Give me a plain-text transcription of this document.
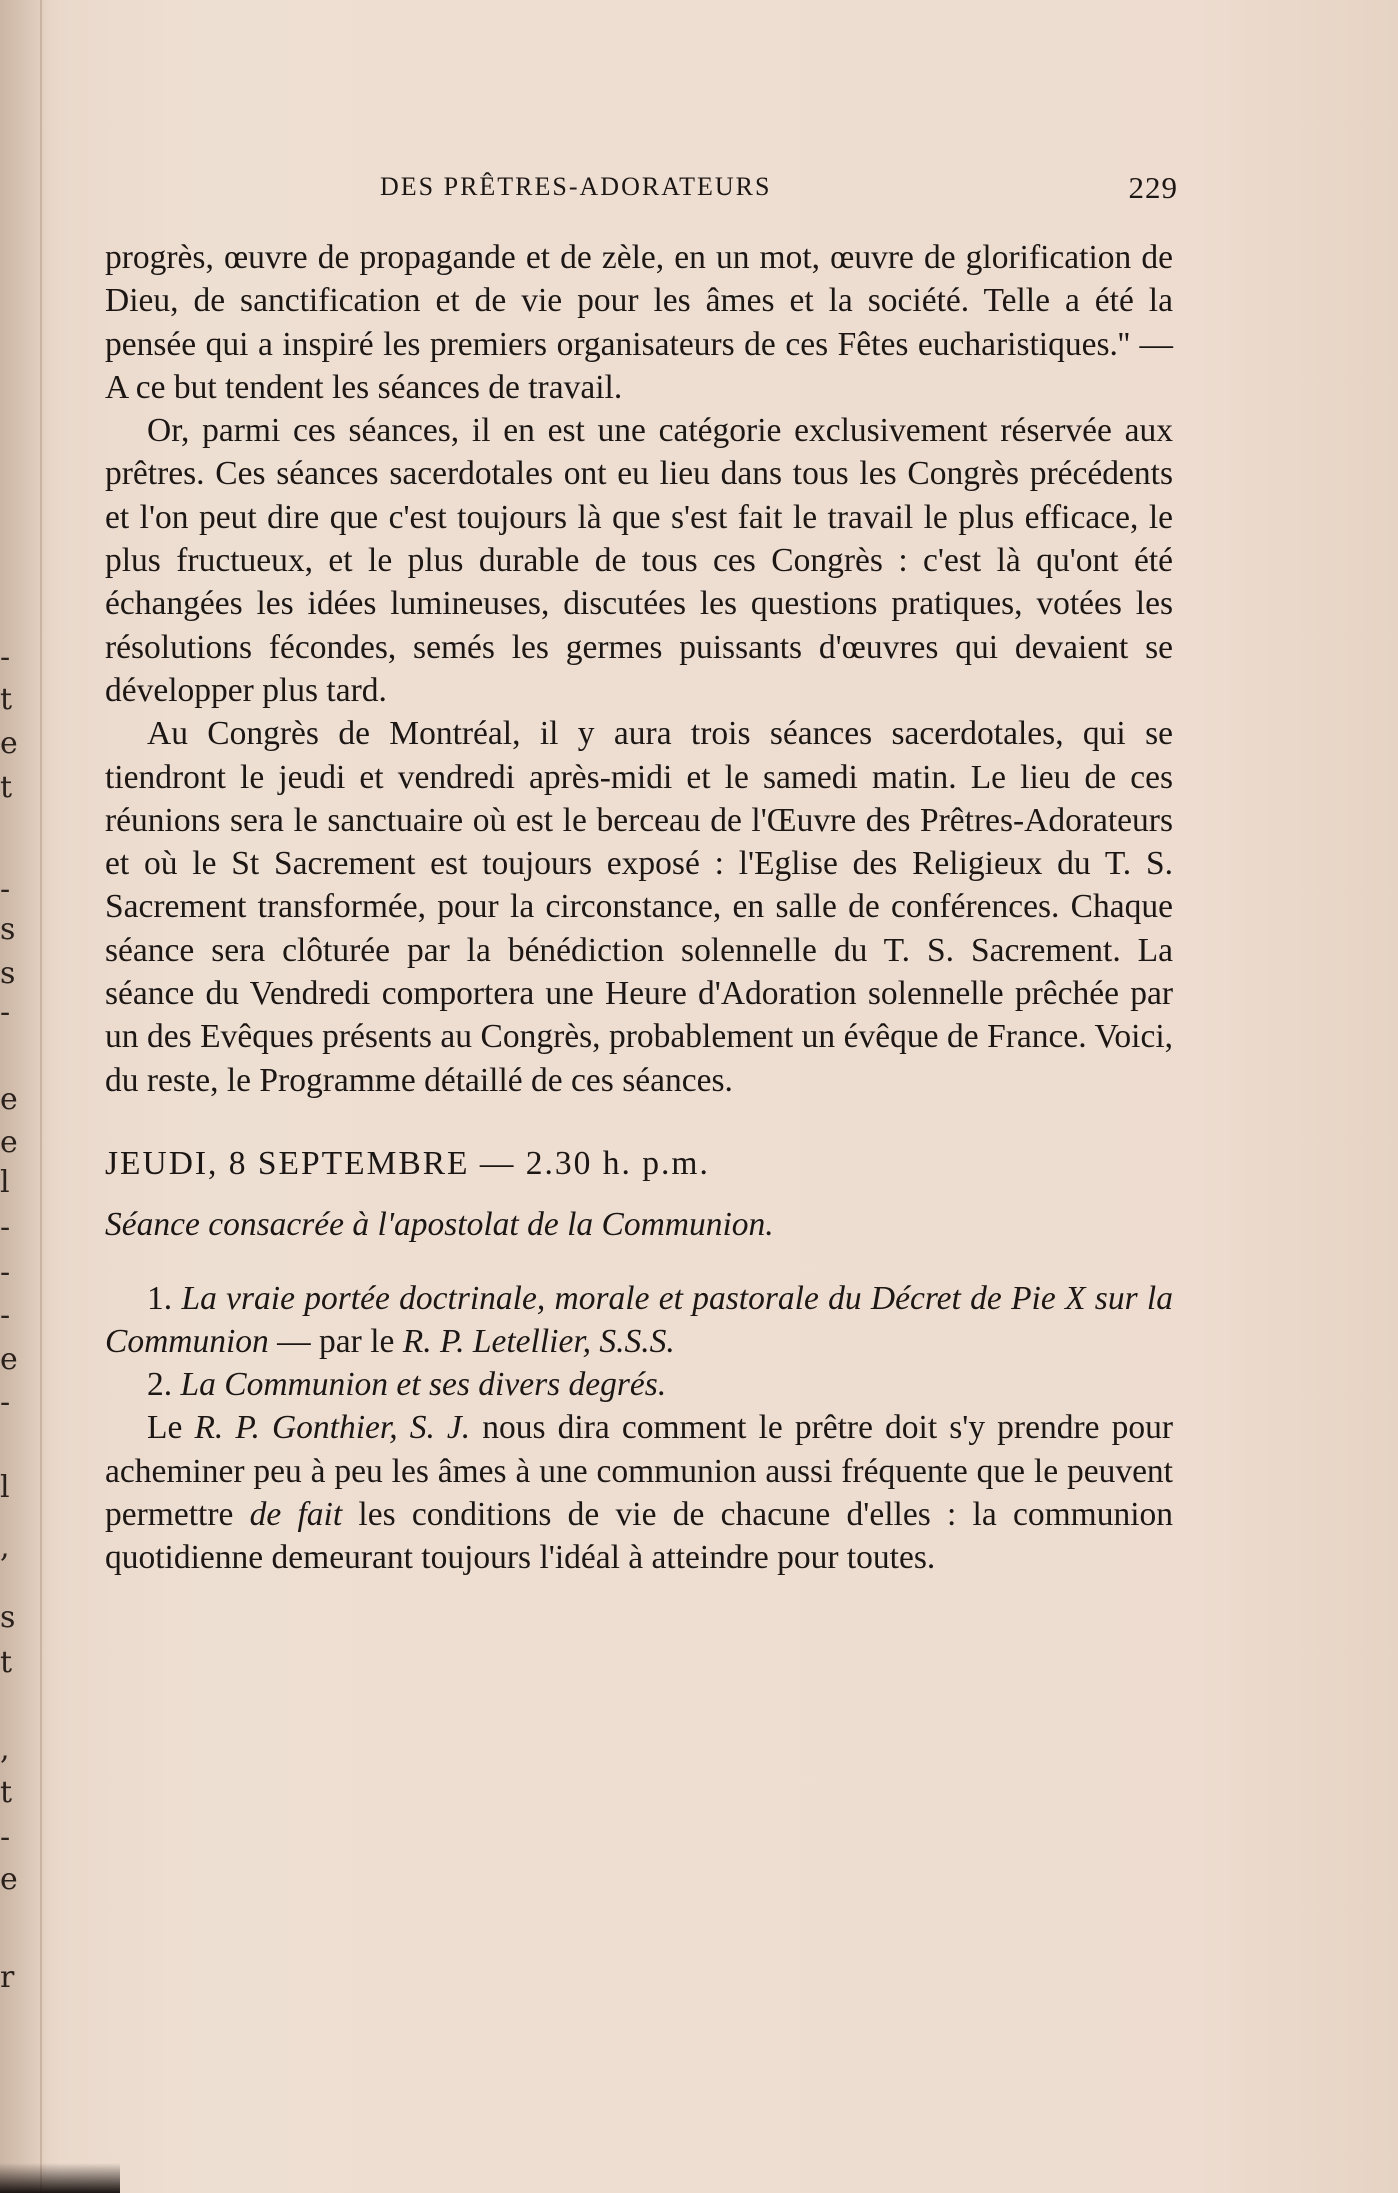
-
t
e
t
-
s
s
-
e
e
l
-
-
-
e
-
l
,
s
t
,
t
-
e
r
DES PRÊTRES-ADORATEURS	229

progrès, œuvre de propagande et de zèle, en un mot, œuvre de glorification de Dieu, de sanctification et de vie pour les âmes et la société. Telle a été la pensée qui a inspiré les premiers organisateurs de ces Fêtes eucharistiques.'' — A ce but tendent les séances de travail.

Or, parmi ces séances, il en est une catégorie exclusivement réservée aux prêtres. Ces séances sacerdotales ont eu lieu dans tous les Congrès précédents et l'on peut dire que c'est toujours là que s'est fait le travail le plus efficace, le plus fructueux, et le plus durable de tous ces Congrès : c'est là qu'ont été échangées les idées lumineuses, discutées les questions pratiques, votées les résolutions fécondes, semés les germes puissants d'œuvres qui devaient se développer plus tard.

Au Congrès de Montréal, il y aura trois séances sacerdotales, qui se tiendront le jeudi et vendredi après-midi et le samedi matin. Le lieu de ces réunions sera le sanctuaire où est le berceau de l'Œuvre des Prêtres-Adorateurs et où le St Sacrement est toujours exposé : l'Eglise des Religieux du T. S. Sacrement transformée, pour la circonstance, en salle de conférences. Chaque séance sera clôturée par la bénédiction solennelle du T. S. Sacrement. La séance du Vendredi comportera une Heure d'Adoration solennelle prêchée par un des Evêques présents au Congrès, probablement un évêque de France. Voici, du reste, le Programme détaillé de ces séances.

JEUDI, 8 SEPTEMBRE — 2.30 h. p.m.

Séance consacrée à l'apostolat de la Communion.

1. La vraie portée doctrinale, morale et pastorale du Décret de Pie X sur la Communion — par le R. P. Letellier, S.S.S.

2. La Communion et ses divers degrés.

Le R. P. Gonthier, S. J. nous dira comment le prêtre doit s'y prendre pour acheminer peu à peu les âmes à une communion aussi fréquente que le peuvent permettre de fait les conditions de vie de chacune d'elles : la communion quotidienne demeurant toujours l'idéal à atteindre pour toutes.
